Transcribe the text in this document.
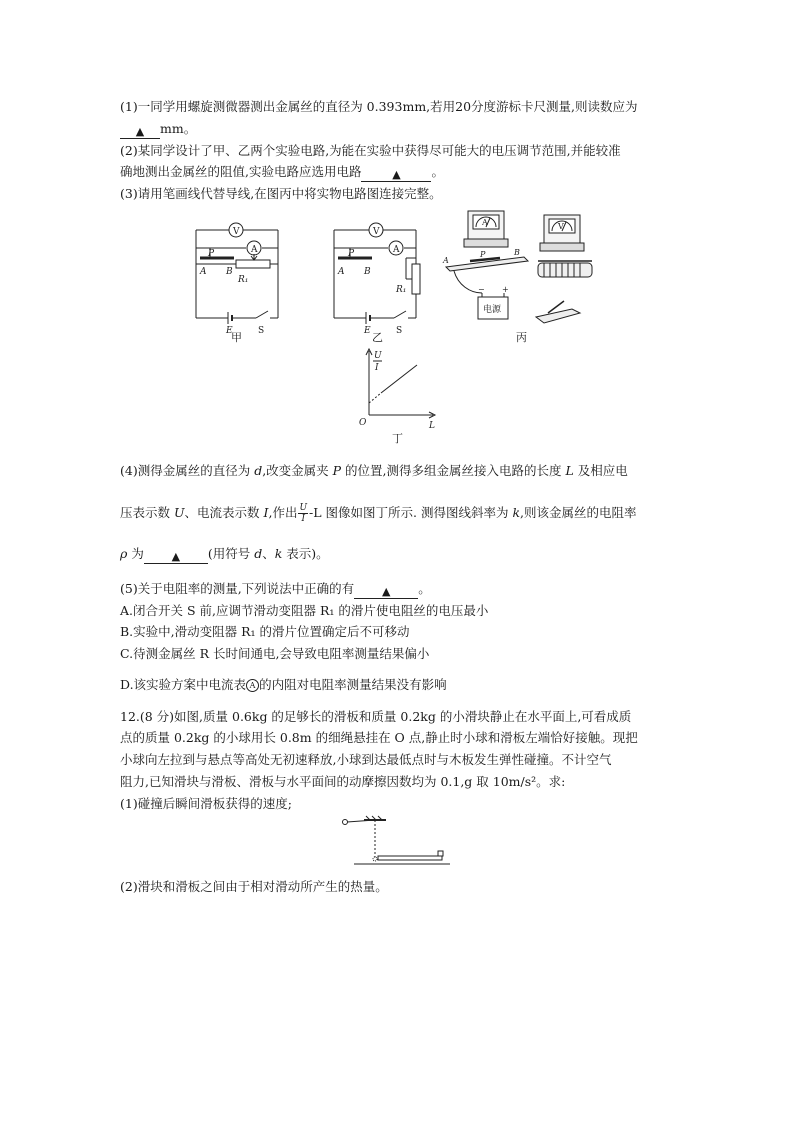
(1)一同学用螺旋测微器测出金属丝的直径为 0.393mm,若用20分度游标卡尺测量,则读数应为
▲ mm。
(2)某同学设计了甲、乙两个实验电路,为能在实验中获得尽可能大的电压调节范围,并能较准
确地测出金属丝的阻值,实验电路应选用电路	▲ 。
(3)请用笔画线代替导线,在图丙中将实物电路图连接完整。
V
A
P
A B
R₁
E	S
甲
V
A
P
A B
R₁
E	S
乙
A
P	B
电源
− +
A	V
丙
U
I
O	L
丁
(4)测得金属丝的直径为 d,改变金属夹 P 的位置,测得多组金属丝接入电路的长度 L 及相应电
压表示数 U、电流表示数 I,作出 $\frac{U}{I} -L$ 图像如图丁所示. 测得图线斜率为 k,则该金属丝的电阻率
ρ 为	▲ (用符号 d、k 表示)。
(5)关于电阻率的测量,下列说法中正确的有	▲ 。
A.闭合开关 S 前,应调节滑动变阻器 R₁ 的滑片使电阻丝的电压最小
B.实验中,滑动变阻器 R₁ 的滑片位置确定后不可移动
C.待测金属丝 R 长时间通电,会导致电阻率测量结果偏小
D.该实验方案中电流表 A 的内阻对电阻率测量结果没有影响
12.(8 分)如图,质量 0.6kg 的足够长的滑板和质量 0.2kg 的小滑块静止在水平面上,可看成质
点的质量 0.2kg 的小球用长 0.8m 的细绳悬挂在 O 点,静止时小球和滑板左端恰好接触。现把
小球向左拉到与悬点等高处无初速释放,小球到达最低点时与木板发生弹性碰撞。不计空气
阻力,已知滑块与滑板、滑板与水平面间的动摩擦因数均为 0.1,g 取 10m/s²。求:
(1)碰撞后瞬间滑板获得的速度;
(2)滑块和滑板之间由于相对滑动所产生的热量。
